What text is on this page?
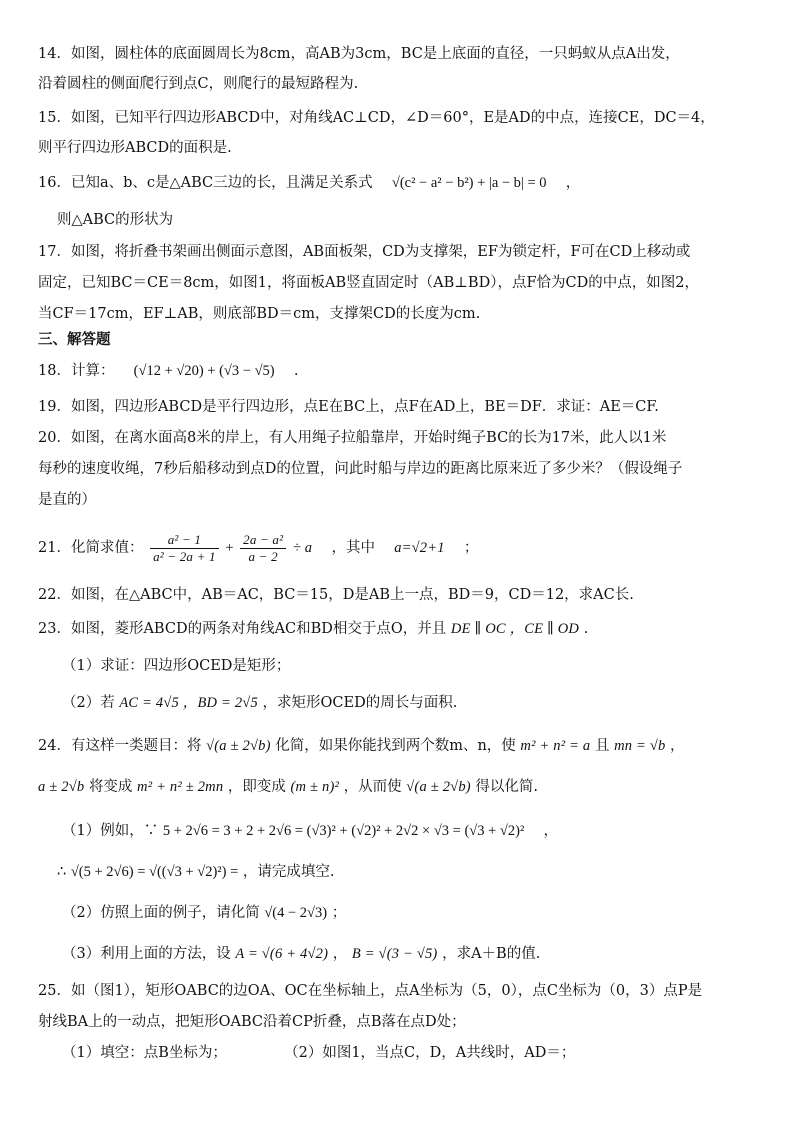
14．如图，圆柱体的底面圆周长为8cm，高AB为3cm，BC是上底面的直径，一只蚂蚁从点A出发，
沿着圆柱的侧面爬行到点C，则爬行的最短路程为.
15．如图，已知平行四边形ABCD中，对角线AC⊥CD，∠D＝60°，E是AD的中点，连接CE，DC＝4，
则平行四边形ABCD的面积是.
16．已知a、b、c是△ABC三边的长，且满足关系式 √(c² − a² − b²) + |a − b| = 0 ，
则△ABC的形状为
17．如图，将折叠书架画出侧面示意图，AB面板架，CD为支撑架，EF为锁定杆，F可在CD上移动或
固定，已知BC＝CE＝8cm，如图1，将面板AB竖直固定时（AB⊥BD），点F恰为CD的中点，如图2，
当CF＝17cm，EF⊥AB，则底部BD＝cm，支撑架CD的长度为cm.
三、解答题
18．计算： (√12 + √20) + (√3 − √5) .
19．如图，四边形ABCD是平行四边形，点E在BC上，点F在AD上，BE＝DF．求证：AE＝CF.
20．如图，在离水面高8米的岸上，有人用绳子拉船靠岸，开始时绳子BC的长为17米，此人以1米
每秒的速度收绳，7秒后船移动到点D的位置，问此时船与岸边的距离比原来近了多少米？（假设绳子
是直的）
21．化简求值： $\frac{\text{a² − 1}}{\text{a² − 2a + 1}} + \frac{\text{2a − a²}}{a - 2} \div a$ ，其中 a=√2+1 ；
22．如图，在△ABC中，AB＝AC，BC＝15，D是AB上一点，BD＝9，CD＝12，求AC长.
23．如图，菱形ABCD的两条对角线AC和BD相交于点O，并且 DE ∥ OC ，CE ∥ OD .
（1）求证：四边形OCED是矩形；
（2）若 AC = 4√5 ，BD = 2√5 ，求矩形OCED的周长与面积.
24．有这样一类题目：将 √(a ± 2√b) 化简，如果你能找到两个数m、n，使 m² + n² = a 且 mn = √b ，
a ± 2√b 将变成 m² + n² ± 2mn ，即变成 (m ± n)² ，从而使 √(a ± 2√b) 得以化简.
（1）例如，∵ 5 + 2√6 = 3 + 2 + 2√6 = (√3)² + (√2)² + 2√2 × √3 = (√3 + √2)² ，
∴ √(5 + 2√6) = √((√3 + √2)²) = ，请完成填空.
（2）仿照上面的例子，请化简 √(4 − 2√3) ；
（3）利用上面的方法，设 A = √(6 + 4√2) ， B = √(3 − √5) ，求A＋B的值.
25．如（图1），矩形OABC的边OA、OC在坐标轴上，点A坐标为（5，0），点C坐标为（0，3）点P是
射线BA上的一动点，把矩形OABC沿着CP折叠，点B落在点D处；
（1）填空：点B坐标为；	（2）如图1，当点C，D，A共线时，AD＝；
